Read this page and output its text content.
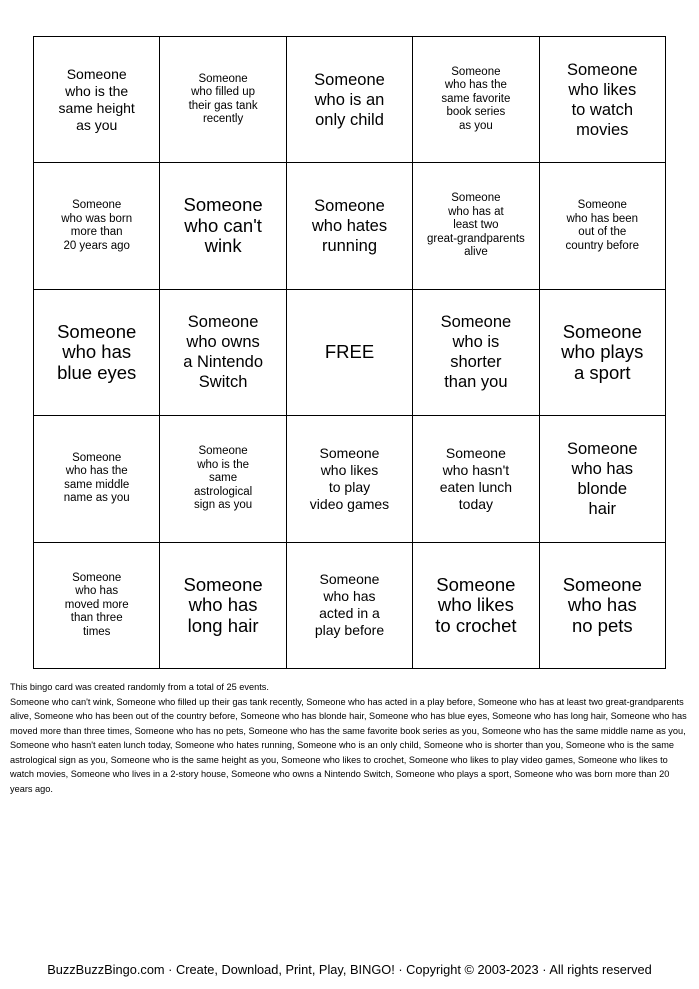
Someone
who is the
same height
as you
Someone
who filled up
their gas tank
recently
Someone
who is an
only child
Someone
who has the
same favorite
book series
as you
Someone
who likes
to watch
movies
Someone
who was born
more than
20 years ago
Someone
who can't
wink
Someone
who hates
running
Someone
who has at
least two
great-grandparents
alive
Someone
who has been
out of the
country before
Someone
who has
blue eyes
Someone
who owns
a Nintendo
Switch
FREE
Someone
who is
shorter
than you
Someone
who plays
a sport
Someone
who has the
same middle
name as you
Someone
who is the
same
astrological
sign as you
Someone
who likes
to play
video games
Someone
who hasn't
eaten lunch
today
Someone
who has
blonde
hair
Someone
who has
moved more
than three
times
Someone
who has
long hair
Someone
who has
acted in a
play before
Someone
who likes
to crochet
Someone
who has
no pets

This bingo card was created randomly from a total of 25 events.

Someone who can't wink, Someone who filled up their gas tank recently, Someone who has acted in a play before, Someone who has at least two great-grandparents alive, Someone who has been out of the country before, Someone who has blonde hair, Someone who has blue eyes, Someone who has long hair, Someone who has moved more than three times, Someone who has no pets, Someone who has the same favorite book series as you, Someone who has the same middle name as you, Someone who hasn't eaten lunch today, Someone who hates running, Someone who is an only child, Someone who is shorter than you, Someone who is the same astrological sign as you, Someone who is the same height as you, Someone who likes to crochet, Someone who likes to play video games, Someone who likes to watch movies, Someone who lives in a 2-story house, Someone who owns a Nintendo Switch, Someone who plays a sport, Someone who was born more than 20 years ago.

BuzzBuzzBingo.com · Create, Download, Print, Play, BINGO! · Copyright © 2003-2023 · All rights reserved
